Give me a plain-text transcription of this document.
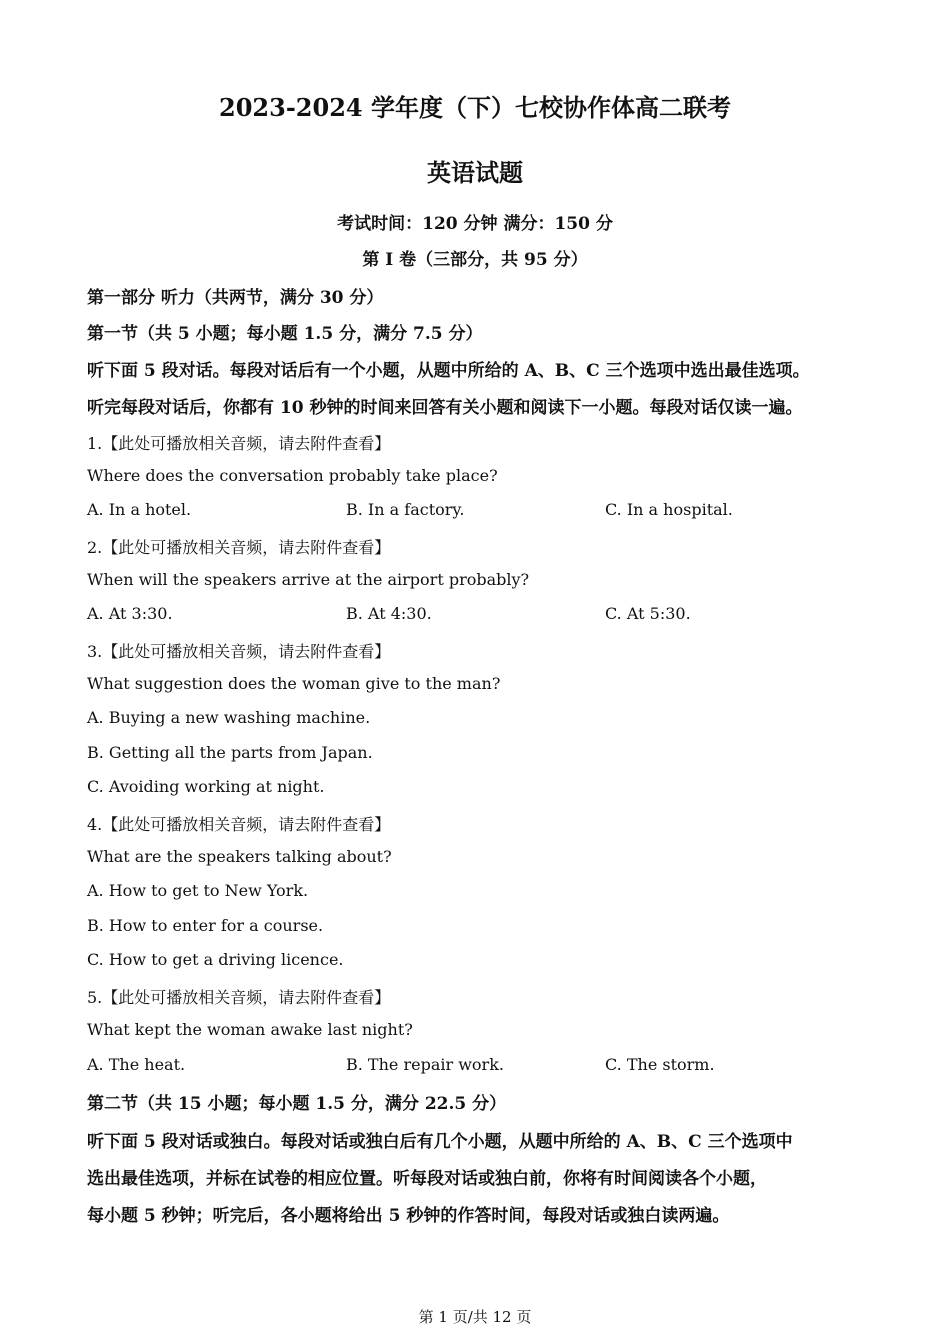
2023-2024 学年度（下）七校协作体高二联考
英语试题
考试时间：120 分钟 满分：150 分
第 I 卷（三部分，共 95 分）
第一部分 听力（共两节，满分 30 分）
第一节（共 5 小题；每小题 1.5 分，满分 7.5 分）
听下面 5 段对话。每段对话后有一个小题，从题中所给的 A、B、C 三个选项中选出最佳选项。
听完每段对话后，你都有 10 秒钟的时间来回答有关小题和阅读下一小题。每段对话仅读一遍。
1.【此处可播放相关音频，请去附件查看】
Where does the conversation probably take place?
A. In a hotel.	B. In a factory.	C. In a hospital.
2.【此处可播放相关音频，请去附件查看】
When will the speakers arrive at the airport probably?
A. At 3:30.	B. At 4:30.	C. At 5:30.
3.【此处可播放相关音频，请去附件查看】
What suggestion does the woman give to the man?
A. Buying a new washing machine.
B. Getting all the parts from Japan.
C. Avoiding working at night.
4.【此处可播放相关音频，请去附件查看】
What are the speakers talking about?
A. How to get to New York.
B. How to enter for a course.
C. How to get a driving licence.
5.【此处可播放相关音频，请去附件查看】
What kept the woman awake last night?
A. The heat.	B. The repair work.	C. The storm.
第二节（共 15 小题；每小题 1.5 分，满分 22.5 分）
听下面 5 段对话或独白。每段对话或独白后有几个小题，从题中所给的 A、B、C 三个选项中
选出最佳选项，并标在试卷的相应位置。听每段对话或独白前，你将有时间阅读各个小题，
每小题 5 秒钟；听完后，各小题将给出 5 秒钟的作答时间，每段对话或独白读两遍。
第 1 页/共 12 页
